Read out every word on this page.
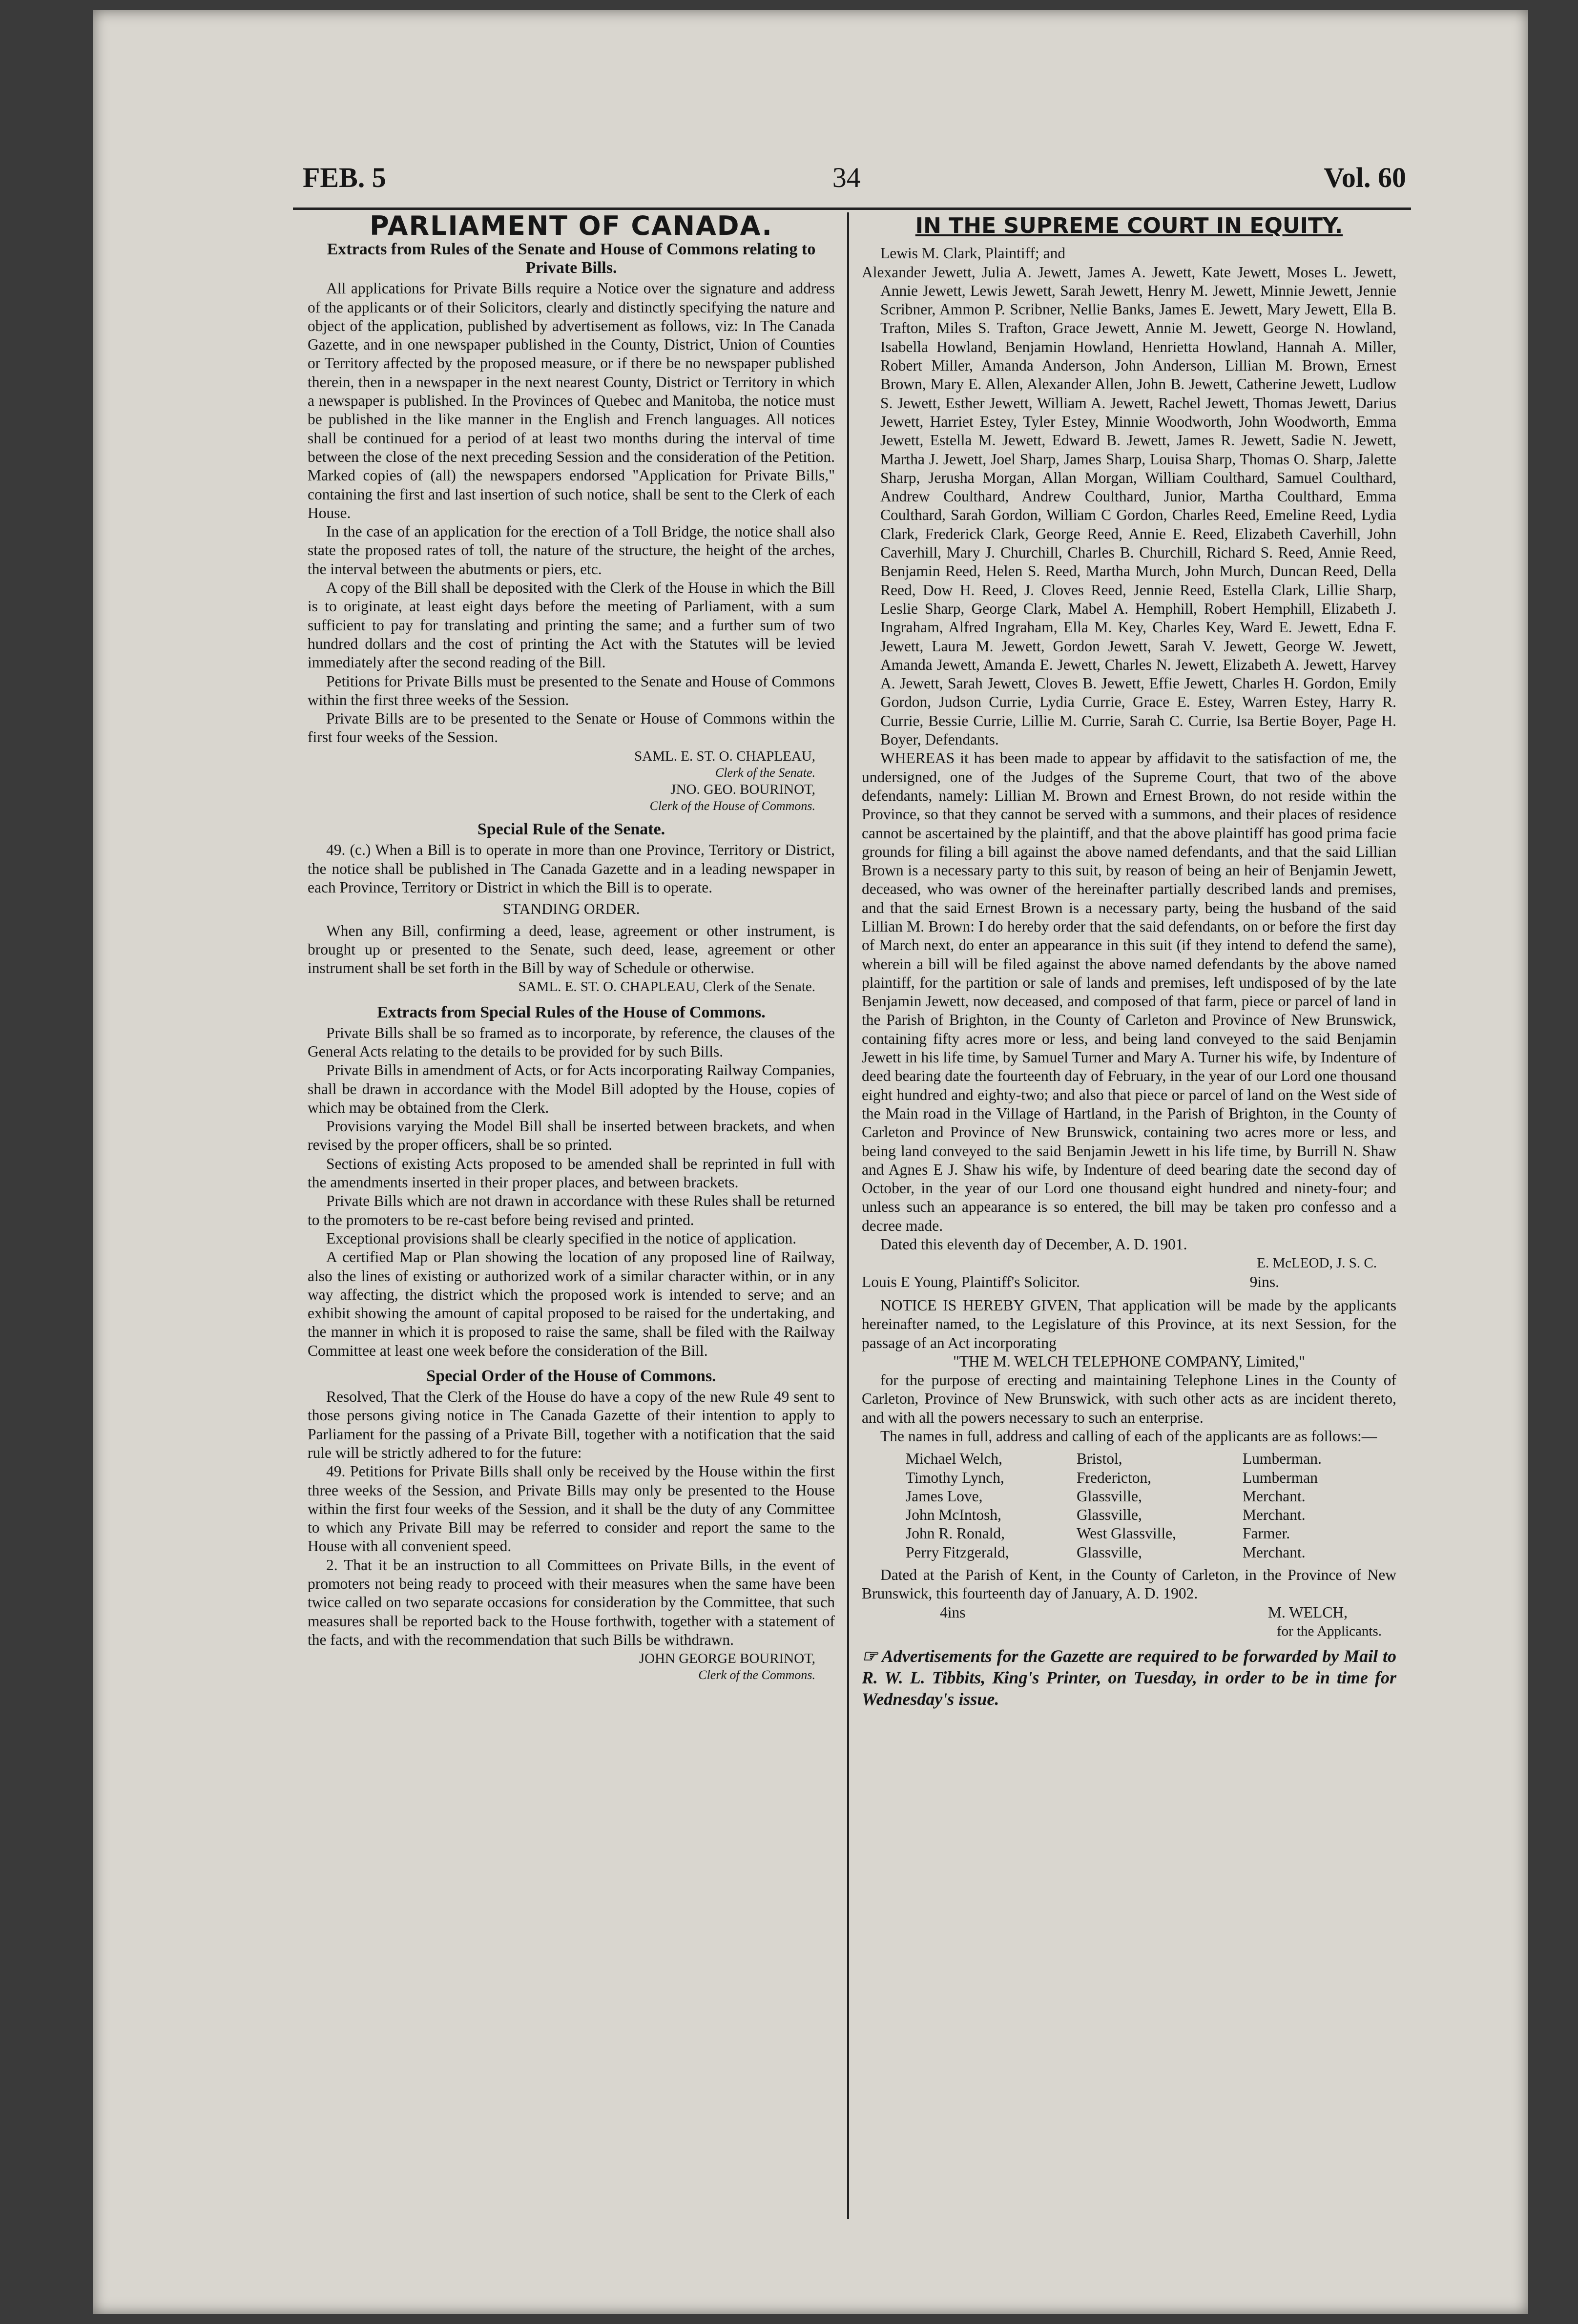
FEB. 5	34	Vol. 60
PARLIAMENT OF CANADA.
Extracts from Rules of the Senate and House of Commons relating to Private Bills.

All applications for Private Bills require a Notice over the signature and address of the applicants or of their Solicitors, clearly and distinctly specifying the nature and object of the application, published by advertisement as follows, viz: In The Canada Gazette, and in one newspaper published in the County, District, Union of Counties or Territory affected by the proposed measure, or if there be no newspaper published therein, then in a newspaper in the next nearest County, District or Territory in which a newspaper is published. In the Provinces of Quebec and Manitoba, the notice must be published in the like manner in the English and French languages. All notices shall be continued for a period of at least two months during the interval of time between the close of the next preceding Session and the consideration of the Petition. Marked copies of (all) the newspapers endorsed "Application for Private Bills," containing the first and last insertion of such notice, shall be sent to the Clerk of each House.

In the case of an application for the erection of a Toll Bridge, the notice shall also state the proposed rates of toll, the nature of the structure, the height of the arches, the interval between the abutments or piers, etc.

A copy of the Bill shall be deposited with the Clerk of the House in which the Bill is to originate, at least eight days before the meeting of Parliament, with a sum sufficient to pay for translating and printing the same; and a further sum of two hundred dollars and the cost of printing the Act with the Statutes will be levied immediately after the second reading of the Bill.

Petitions for Private Bills must be presented to the Senate and House of Commons within the first three weeks of the Session.

Private Bills are to be presented to the Senate or House of Commons within the first four weeks of the Session.

SAML. E. ST. O. CHAPLEAU,
Clerk of the Senate.
JNO. GEO. BOURINOT,
Clerk of the House of Commons.
Special Rule of the Senate.

49. (c.) When a Bill is to operate in more than one Province, Territory or District, the notice shall be published in The Canada Gazette and in a leading newspaper in each Province, Territory or District in which the Bill is to operate.

STANDING ORDER.

When any Bill, confirming a deed, lease, agreement or other instrument, is brought up or presented to the Senate, such deed, lease, agreement or other instrument shall be set forth in the Bill by way of Schedule or otherwise.

SAML. E. ST. O. CHAPLEAU, Clerk of the Senate.
Extracts from Special Rules of the House of Commons.

Private Bills shall be so framed as to incorporate, by reference, the clauses of the General Acts relating to the details to be provided for by such Bills.

Private Bills in amendment of Acts, or for Acts incorporating Railway Companies, shall be drawn in accordance with the Model Bill adopted by the House, copies of which may be obtained from the Clerk.

Provisions varying the Model Bill shall be inserted between brackets, and when revised by the proper officers, shall be so printed.

Sections of existing Acts proposed to be amended shall be reprinted in full with the amendments inserted in their proper places, and between brackets.

Private Bills which are not drawn in accordance with these Rules shall be returned to the promoters to be re-cast before being revised and printed.

Exceptional provisions shall be clearly specified in the notice of application.

A certified Map or Plan showing the location of any proposed line of Railway, also the lines of existing or authorized work of a similar character within, or in any way affecting, the district which the proposed work is intended to serve; and an exhibit showing the amount of capital proposed to be raised for the undertaking, and the manner in which it is proposed to raise the same, shall be filed with the Railway Committee at least one week before the consideration of the Bill.

Special Order of the House of Commons.

Resolved, That the Clerk of the House do have a copy of the new Rule 49 sent to those persons giving notice in The Canada Gazette of their intention to apply to Parliament for the passing of a Private Bill, together with a notification that the said rule will be strictly adhered to for the future:

49. Petitions for Private Bills shall only be received by the House within the first three weeks of the Session, and Private Bills may only be presented to the House within the first four weeks of the Session, and it shall be the duty of any Committee to which any Private Bill may be referred to consider and report the same to the House with all convenient speed.

2. That it be an instruction to all Committees on Private Bills, in the event of promoters not being ready to proceed with their measures when the same have been twice called on two separate occasions for consideration by the Committee, that such measures shall be reported back to the House forthwith, together with a statement of the facts, and with the recommendation that such Bills be withdrawn.

JOHN GEORGE BOURINOT,
Clerk of the Commons.
IN THE SUPREME COURT IN EQUITY.

Lewis M. Clark, Plaintiff; and

Alexander Jewett, Julia A. Jewett, James A. Jewett, Kate Jewett, Moses L. Jewett, Annie Jewett, Lewis Jewett, Sarah Jewett, Henry M. Jewett, Minnie Jewett, Jennie Scribner, Ammon P. Scribner, Nellie Banks, James E. Jewett, Mary Jewett, Ella B. Trafton, Miles S. Trafton, Grace Jewett, Annie M. Jewett, George N. Howland, Isabella Howland, Benjamin Howland, Henrietta Howland, Hannah A. Miller, Robert Miller, Amanda Anderson, John Anderson, Lillian M. Brown, Ernest Brown, Mary E. Allen, Alexander Allen, John B. Jewett, Catherine Jewett, Ludlow S. Jewett, Esther Jewett, William A. Jewett, Rachel Jewett, Thomas Jewett, Darius Jewett, Harriet Estey, Tyler Estey, Minnie Woodworth, John Woodworth, Emma Jewett, Estella M. Jewett, Edward B. Jewett, James R. Jewett, Sadie N. Jewett, Martha J. Jewett, Joel Sharp, James Sharp, Louisa Sharp, Thomas O. Sharp, Jalette Sharp, Jerusha Morgan, Allan Morgan, William Coulthard, Samuel Coulthard, Andrew Coulthard, Andrew Coulthard, Junior, Martha Coulthard, Emma Coulthard, Sarah Gordon, William C Gordon, Charles Reed, Emeline Reed, Lydia Clark, Frederick Clark, George Reed, Annie E. Reed, Elizabeth Caverhill, John Caverhill, Mary J. Churchill, Charles B. Churchill, Richard S. Reed, Annie Reed, Benjamin Reed, Helen S. Reed, Martha Murch, John Murch, Duncan Reed, Della Reed, Dow H. Reed, J. Cloves Reed, Jennie Reed, Estella Clark, Lillie Sharp, Leslie Sharp, George Clark, Mabel A. Hemphill, Robert Hemphill, Elizabeth J. Ingraham, Alfred Ingraham, Ella M. Key, Charles Key, Ward E. Jewett, Edna F. Jewett, Laura M. Jewett, Gordon Jewett, Sarah V. Jewett, George W. Jewett, Amanda Jewett, Amanda E. Jewett, Charles N. Jewett, Elizabeth A. Jewett, Harvey A. Jewett, Sarah Jewett, Cloves B. Jewett, Effie Jewett, Charles H. Gordon, Emily Gordon, Judson Currie, Lydia Currie, Grace E. Estey, Warren Estey, Harry R. Currie, Bessie Currie, Lillie M. Currie, Sarah C. Currie, Isa Bertie Boyer, Page H. Boyer, Defendants.

WHEREAS it has been made to appear by affidavit to the satisfaction of me, the undersigned, one of the Judges of the Supreme Court, that two of the above defendants, namely: Lillian M. Brown and Ernest Brown, do not reside within the Province, so that they cannot be served with a summons, and their places of residence cannot be ascertained by the plaintiff, and that the above plaintiff has good prima facie grounds for filing a bill against the above named defendants, and that the said Lillian Brown is a necessary party to this suit, by reason of being an heir of Benjamin Jewett, deceased, who was owner of the hereinafter partially described lands and premises, and that the said Ernest Brown is a necessary party, being the husband of the said Lillian M. Brown: I do hereby order that the said defendants, on or before the first day of March next, do enter an appearance in this suit (if they intend to defend the same), wherein a bill will be filed against the above named defendants by the above named plaintiff, for the partition or sale of lands and premises, left undisposed of by the late Benjamin Jewett, now deceased, and composed of that farm, piece or parcel of land in the Parish of Brighton, in the County of Carleton and Province of New Brunswick, containing fifty acres more or less, and being land conveyed to the said Benjamin Jewett in his life time, by Samuel Turner and Mary A. Turner his wife, by Indenture of deed bearing date the fourteenth day of February, in the year of our Lord one thousand eight hundred and eighty-two; and also that piece or parcel of land on the West side of the Main road in the Village of Hartland, in the Parish of Brighton, in the County of Carleton and Province of New Brunswick, containing two acres more or less, and being land conveyed to the said Benjamin Jewett in his life time, by Burrill N. Shaw and Agnes E J. Shaw his wife, by Indenture of deed bearing date the second day of October, in the year of our Lord one thousand eight hundred and ninety-four; and unless such an appearance is so entered, the bill may be taken pro confesso and a decree made.

Dated this eleventh day of December, A. D. 1901.

E. McLEOD, J. S. C.
Louis E Young, Plaintiff's Solicitor.	9ins.

NOTICE IS HEREBY GIVEN, That application will be made by the applicants hereinafter named, to the Legislature of this Province, at its next Session, for the passage of an Act incorporating

"THE M. WELCH TELEPHONE COMPANY, Limited,"

for the purpose of erecting and maintaining Telephone Lines in the County of Carleton, Province of New Brunswick, with such other acts as are incident thereto, and with all the powers necessary to such an enterprise.

The names in full, address and calling of each of the applicants are as follows:—

Michael Welch,	Bristol,	Lumberman.
Timothy Lynch,	Fredericton,	Lumberman
James Love,	Glassville,	Merchant.
John McIntosh,	Glassville,	Merchant.
John R. Ronald,	West Glassville,	Farmer.
Perry Fitzgerald,	Glassville,	Merchant.

Dated at the Parish of Kent, in the County of Carleton, in the Province of New Brunswick, this fourteenth day of January, A. D. 1902.

4ins	M. WELCH,
for the Applicants.

☞ Advertisements for the Gazette are required to be forwarded by Mail to R. W. L. Tibbits, King's Printer, on Tuesday, in order to be in time for Wednesday's issue.
